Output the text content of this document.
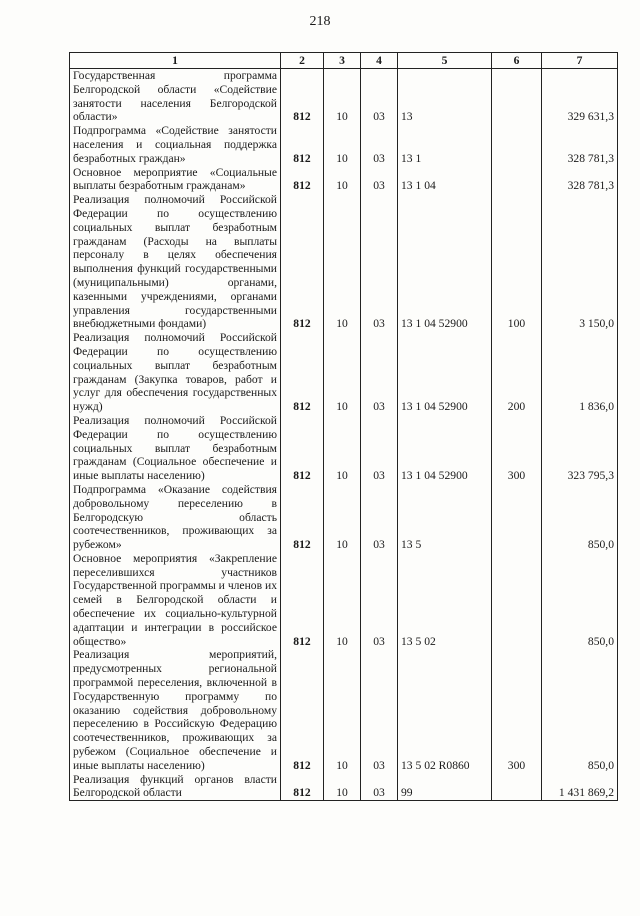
218
1	2	3	4	5	6	7
Государственная программа Белгородской области «Содействие занятости населения Белгородской области»	812	10	03	13		329 631,3
Подпрограмма «Содействие занятости населения и социальная поддержка безработных граждан»	812	10	03	13 1		328 781,3
Основное мероприятие «Социальные выплаты безработным гражданам»	812	10	03	13 1 04		328 781,3
Реализация полномочий Российской Федерации по осуществлению социальных выплат безработным гражданам (Расходы на выплаты персоналу в целях обеспечения выполнения функций государственными (муниципальными) органами, казенными учреждениями, органами управления государственными внебюджетными фондами)	812	10	03	13 1 04 52900	100	3 150,0
Реализация полномочий Российской Федерации по осуществлению социальных выплат безработным гражданам (Закупка товаров, работ и услуг для обеспечения государственных нужд)	812	10	03	13 1 04 52900	200	1 836,0
Реализация полномочий Российской Федерации по осуществлению социальных выплат безработным гражданам (Социальное обеспечение и иные выплаты населению)	812	10	03	13 1 04 52900	300	323 795,3
Подпрограмма «Оказание содействия добровольному переселению в Белгородскую область соотечественников, проживающих за рубежом»	812	10	03	13 5		850,0
Основное мероприятия «Закрепление переселившихся участников Государственной программы и членов их семей в Белгородской области и обеспечение их социально-культурной адаптации и интеграции в российское общество»	812	10	03	13 5 02		850,0
Реализация мероприятий, предусмотренных региональной программой переселения, включенной в Государственную программу по оказанию содействия добровольному переселению в Российскую Федерацию соотечественников, проживающих за рубежом (Социальное обеспечение и иные выплаты населению)	812	10	03	13 5 02 R0860	300	850,0
Реализация функций органов власти Белгородской области	812	10	03	99		1 431 869,2
